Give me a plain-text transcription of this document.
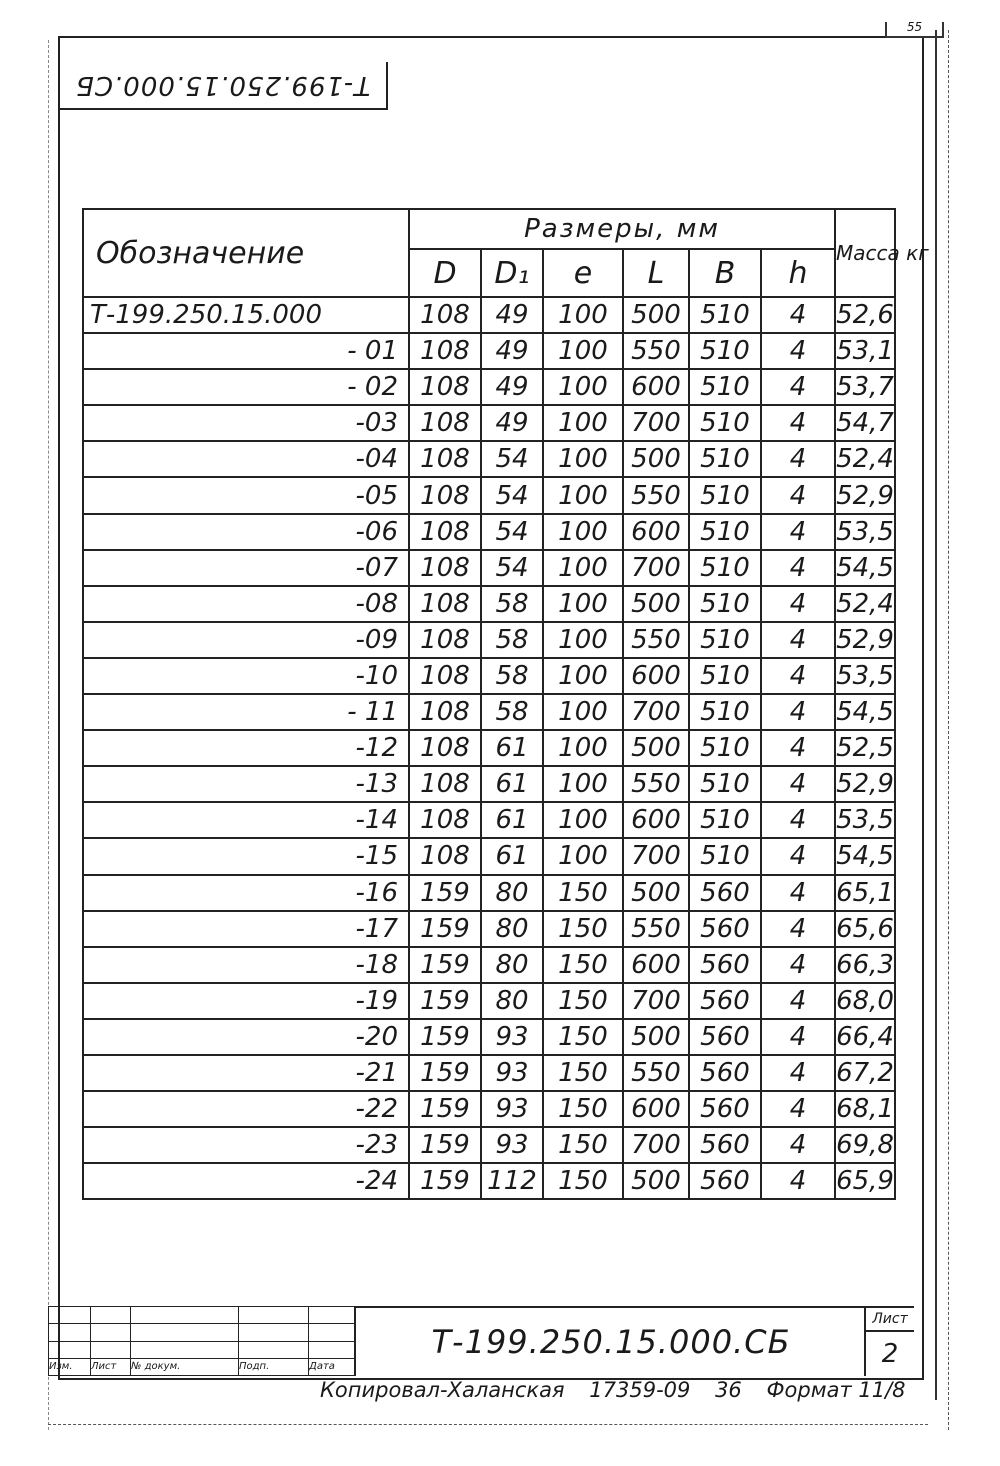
55
Т-199.250.15.000.СБ
Обозначение	Размеры, мм						Масса кг
	D	D₁	e	L	B	h	
Т-199.250.15.000	108	49	100	500	510	4	52,6
- 01	108	49	100	550	510	4	53,1
- 02	108	49	100	600	510	4	53,7
-03	108	49	100	700	510	4	54,7
-04	108	54	100	500	510	4	52,4
-05	108	54	100	550	510	4	52,9
-06	108	54	100	600	510	4	53,5
-07	108	54	100	700	510	4	54,5
-08	108	58	100	500	510	4	52,4
-09	108	58	100	550	510	4	52,9
-10	108	58	100	600	510	4	53,5
- 11	108	58	100	700	510	4	54,5
-12	108	61	100	500	510	4	52,5
-13	108	61	100	550	510	4	52,9
-14	108	61	100	600	510	4	53,5
-15	108	61	100	700	510	4	54,5
-16	159	80	150	500	560	4	65,1
-17	159	80	150	550	560	4	65,6
-18	159	80	150	600	560	4	66,3
-19	159	80	150	700	560	4	68,0
-20	159	93	150	500	560	4	66,4
-21	159	93	150	550	560	4	67,2
-22	159	93	150	600	560	4	68,1
-23	159	93	150	700	560	4	69,8
-24	159	112	150	500	560	4	65,9

Изм.	Лист	№ докум.	Подп.	Дата
Т-199.250.15.000.СБ
Лист
2
Копировал-Халанская 17359-09 36 Формат 11/8
